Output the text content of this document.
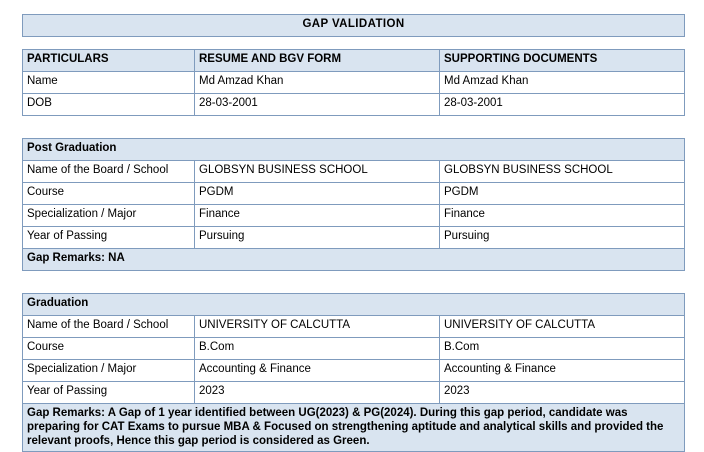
GAP VALIDATION
PARTICULARS	RESUME AND BGV FORM	SUPPORTING DOCUMENTS
Name	Md Amzad Khan	Md Amzad Khan
DOB	28-03-2001	28-03-2001
Post Graduation		
Name of the Board / School	GLOBSYN BUSINESS SCHOOL	GLOBSYN BUSINESS SCHOOL
Course	PGDM	PGDM
Specialization / Major	Finance	Finance
Year of Passing	Pursuing	Pursuing
Gap Remarks: NA		
Graduation		
Name of the Board / School	UNIVERSITY OF CALCUTTA	UNIVERSITY OF CALCUTTA
Course	B.Com	B.Com
Specialization / Major	Accounting & Finance	Accounting & Finance
Year of Passing	2023	2023
Gap Remarks: A Gap of 1 year identified between UG(2023) & PG(2024). During this gap period, candidate was preparing for CAT Exams to pursue MBA & Focused on strengthening aptitude and analytical skills and provided the relevant proofs, Hence this gap period is considered as Green.		
